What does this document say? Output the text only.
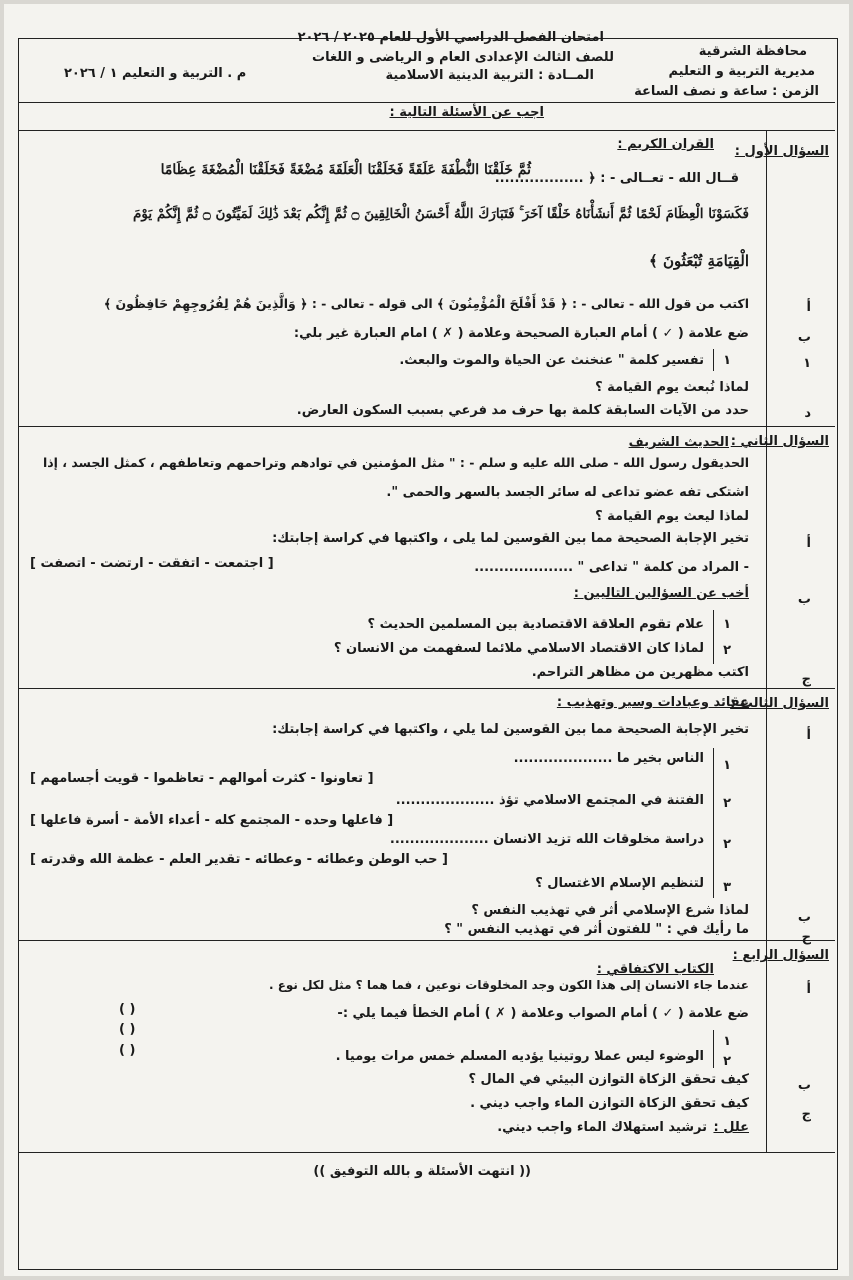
محافظة الشرقية
مديرية التربية و التعليم
الزمن : ساعة و نصف الساعة
امتحان الفصل الدراسي الأول للعام ٢٠٢٥ / ٢٠٢٦
للصف الثالث الإعدادى العام و الرياضى و اللغات
المــادة : التربية الدينية الاسلامية
م . التربية و التعليم ١ / ٢٠٢٦
اجب عن الأسئلة التالية :
السؤال الأول :
القران الكريم :
قــال الله - تعــالى - : ﴿ ..................
ثُمَّ خَلَقْنَا النُّطْفَةَ عَلَقَةً فَخَلَقْنَا الْعَلَقَةَ مُضْغَةً فَخَلَقْنَا الْمُضْغَةَ عِظَامًا
فَكَسَوْنَا الْعِظَامَ لَحْمًا ثُمَّ أَنشَأْنَاهُ خَلْقًا آخَرَ ۚ فَتَبَارَكَ اللَّهُ أَحْسَنُ الْخَالِقِينَ ۝ ثُمَّ إِنَّكُم بَعْدَ ذَٰلِكَ لَمَيِّتُونَ ۝ ثُمَّ إِنَّكُمْ يَوْمَ
الْقِيَامَةِ تُبْعَثُونَ ﴾
أ
اكتب من قول الله - تعالى - : ﴿ قَدْ أَفْلَحَ الْمُؤْمِنُونَ ﴾ الى قوله - تعالى - : ﴿ وَالَّذِينَ هُمْ لِفُرُوجِهِمْ حَافِظُونَ ﴾
ب
ضع علامة ( ✓ ) أمام العبارة الصحيحة وعلامة ( ✗ ) امام العبارة غير بلي:
١
١
تفسير كلمة " عنخنث عن الحياة والموت والبعث.
لماذا نُبعث يوم القيامة ؟
د
حدد من الآيات السابقة كلمة بها حرف مد فرعي بسبب السكون العارض.
السؤال الثاني :
الحديث الشريف
الحديقول رسول الله - صلى الله عليه و سلم - : " مثل المؤمنين في توادهم وتراحمهم وتعاطفهم ، كمثل الجسد ، إذا
اشتكى تفه عضو تداعى له سائر الجسد بالسهر والحمى ".
لماذا ليعث يوم القيامة ؟
أ
تخير الإجابة الصحيحة مما بين القوسين لما يلى ، واكتبها في كراسة إجابتك:
- المراد من كلمة " تداعى " ....................
[ اجتمعت - اتفقت - ارتضت - اتصفت ]
ب
أخب عن السؤالين التاليين :
١
علام تقوم العلاقة الاقتصادية بين المسلمين الحديث ؟
٢
لماذا كان الاقتصاد الاسلامي ملائما لسفهمت من الانسان ؟
ج
اكتب مظهرين من مظاهر التراحم.
السؤال الثالث :
عقائد وعبادات وسير وتهذيب :
أ
تخير الإجابة الصحيحة مما بين القوسين لما يلي ، واكتبها في كراسة إجابتك:
١
الناس بخير ما ....................
[ تعاونوا - كثرت أموالهم - تعاظموا - قويت أجسامهم ]
٢
الفتنة في المجتمع الاسلامي تؤذ ....................
[ فاعلها وحده - المجتمع كله - أعداء الأمة - أسرة فاعلها ]
٢
دراسة مخلوقات الله تزيد الانسان ....................
[ حب الوطن وعطائه - وعطائه - تقدير العلم - عظمة الله وقدرته ]
٣
لتنظيم الإسلام الاغتسال ؟
ب
لماذا شرع الإسلامي أثر في تهذيب النفس ؟
ج
ما رأيك في : " للفتون أثر في تهذيب النفس " ؟
السؤال الرابع :
الكتاب الاكتفاقي :
أ
عندما جاء الانسان إلى هذا الكون وجد المخلوقات نوعين ، فما هما ؟ مثل لكل نوع .
ضع علامة ( ✓ ) أمام الصواب وعلامة ( ✗ ) أمام الخطأ فيما يلي :-
( )
( )
( )
١
٢
الوضوء ليس عملا روتينيا يؤديه المسلم خمس مرات يوميا .
ب
كيف تحقق الزكاة التوازن البيئي في المال ؟
ج
كيف تحقق الزكاة التوازن الماء واجب ديني .
علل :
ترشيد استهلاك الماء واجب ديني.
(( انتهت الأسئلة و بالله التوفيق ))
